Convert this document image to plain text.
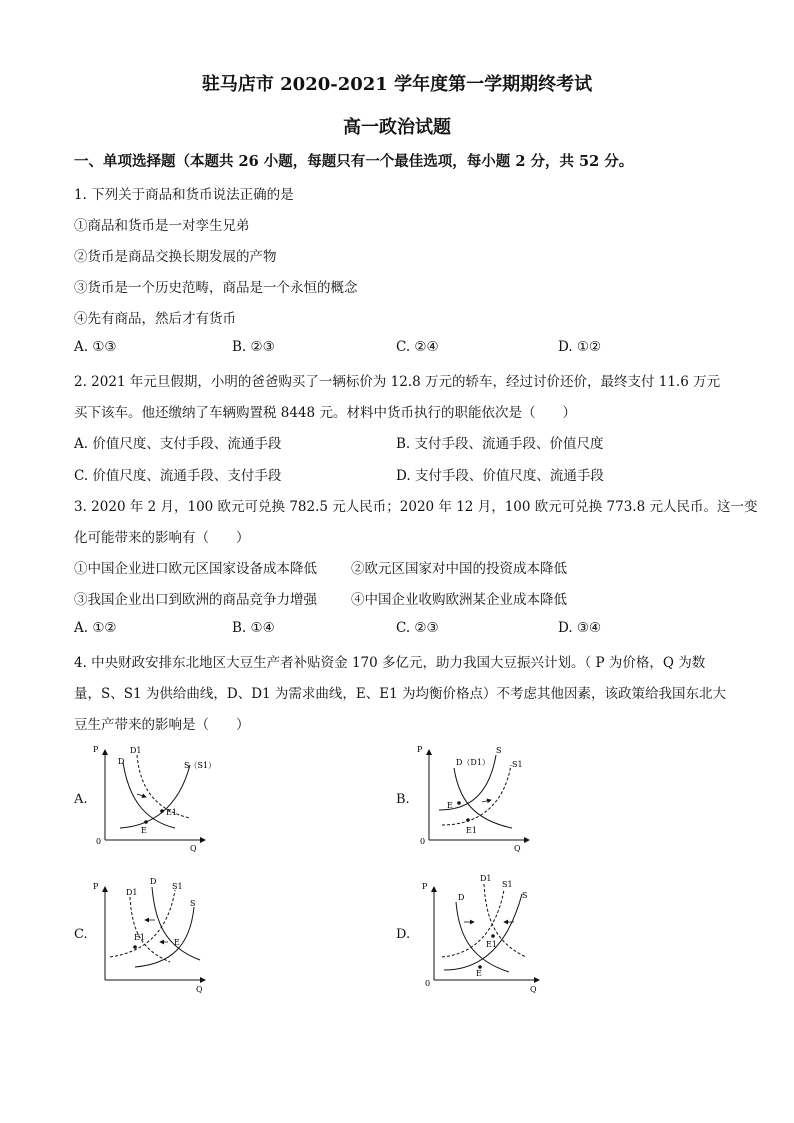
驻马店市 2020-2021 学年度第一学期期终考试
高一政治试题
一、单项选择题（本题共 26 小题，每题只有一个最佳选项，每小题 2 分，共 52 分。
1. 下列关于商品和货币说法正确的是
①商品和货币是一对孪生兄弟
②货币是商品交换长期发展的产物
③货币是一个历史范畴，商品是一个永恒的概念
④先有商品，然后才有货币
A. ①③	B. ②③	C. ②④	D. ①②
2. 2021 年元旦假期，小明的爸爸购买了一辆标价为 12.8 万元的轿车，经过讨价还价，最终支付 11.6 万元
买下该车。他还缴纳了车辆购置税 8448 元。材料中货币执行的职能依次是（　　）
A. 价值尺度、支付手段、流通手段	B. 支付手段、流通手段、价值尺度
C. 价值尺度、流通手段、支付手段	D. 支付手段、价值尺度、流通手段
3. 2020 年 2 月，100 欧元可兑换 782.5 元人民币；2020 年 12 月，100 欧元可兑换 773.8 元人民币。这一变
化可能带来的影响有（　　）
①中国企业进口欧元区国家设备成本降低	②欧元区国家对中国的投资成本降低
③我国企业出口到欧洲的商品竞争力增强	④中国企业收购欧洲某企业成本降低
A. ①②	B. ①④	C. ②③	D. ③④
4. 中央财政安排东北地区大豆生产者补贴资金 170 多亿元，助力我国大豆振兴计划。（ P 为价格，Q 为数
量，S、S1 为供给曲线，D、D1 为需求曲线，E、E1 为均衡价格点）不考虑其他因素，该政策给我国东北大
豆生产带来的影响是（　　）
A.	B.
C.	D.
P
Q
0
D1
D	S（S1）
E1
E
P
Q
0
D（D1）
S
S1
E
E1
P
Q
D
D1
S1
S
E1
E
P
Q
0
D1
S1
D	S
E1
E
